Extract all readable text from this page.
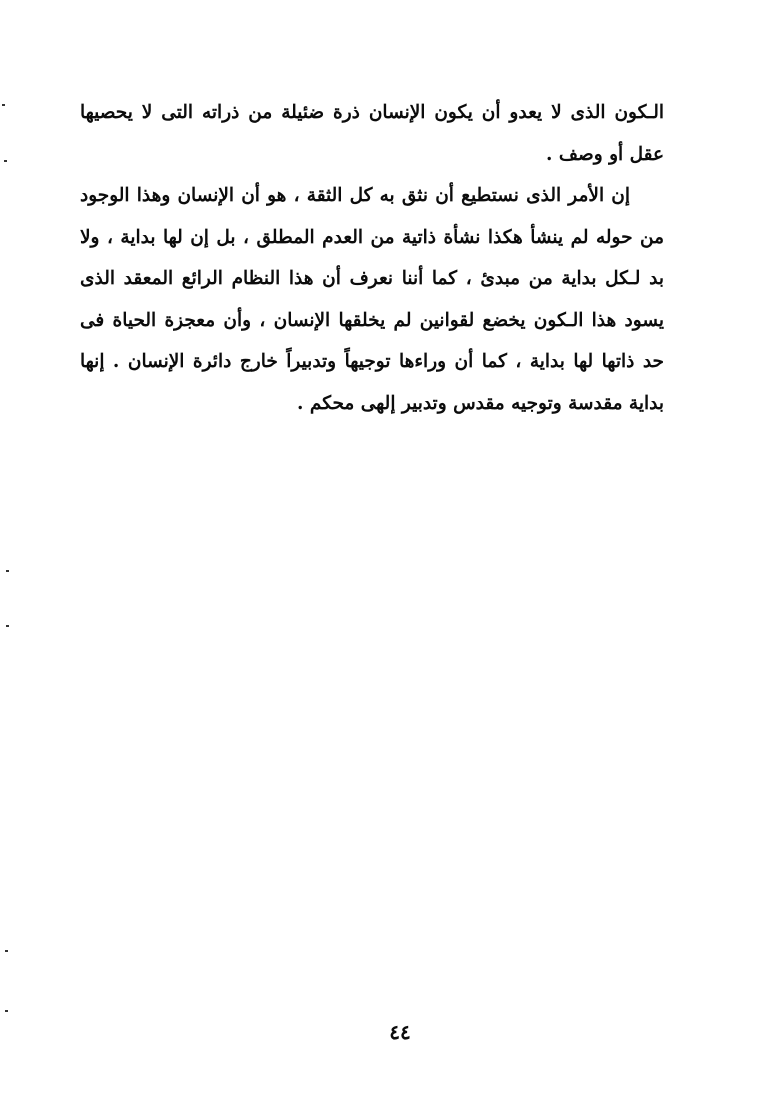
الـكون الذى لا يعدو أن يكون الإنسان ذرة ضئيلة من ذراته التى لا يحصيها عقل أو وصف .

إن الأمر الذى نستطيع أن نثق به كل الثقة ، هو أن الإنسان وهذا الوجود من حوله لم ينشأ هكذا نشأة ذاتية من العدم المطلق ، بل إن لها بداية ، ولا بد لـكل بداية من مبدئ ، كما أننا نعرف أن هذا النظام الرائع المعقد الذى يسود هذا الـكون يخضع لقوانين لم يخلقها الإنسان ، وأن معجزة الحياة فى حد ذاتها لها بداية ، كما أن وراءها توجيهاً وتدبيراً خارج دائرة الإنسان . إنها بداية مقدسة وتوجيه مقدس وتدبير إلهى محكم .

٤٤
